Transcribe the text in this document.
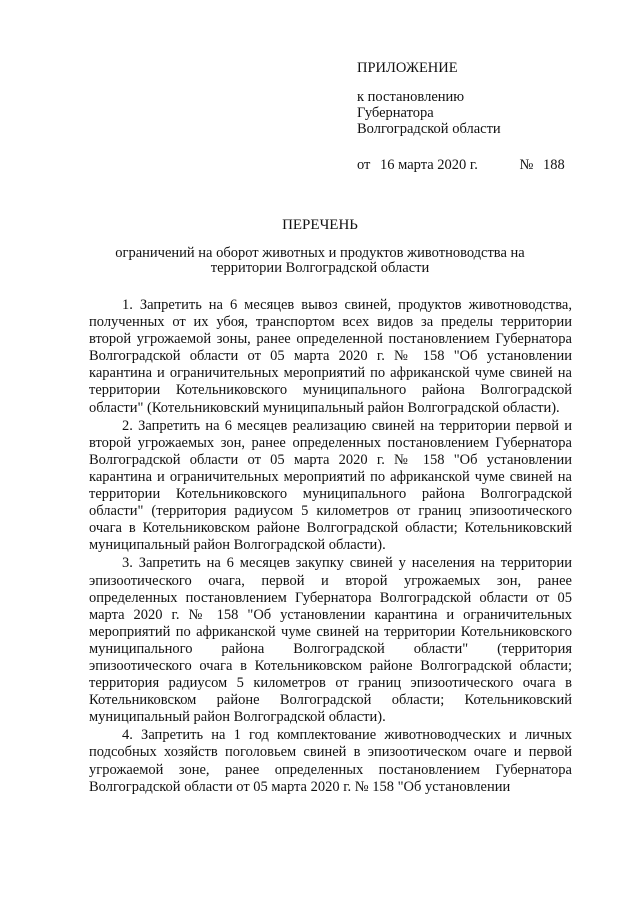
ПРИЛОЖЕНИЕ
к постановлению
Губернатора
Волгоградской области
от 16 марта 2020 г.	№ 188
ПЕРЕЧЕНЬ
ограничений на оборот животных и продуктов животноводства на территории Волгоградской области

1. Запретить на 6 месяцев вывоз свиней, продуктов животноводства, полученных от их убоя, транспортом всех видов за пределы территории второй угрожаемой зоны, ранее определенной постановлением Губернатора Волгоградской области от 05 марта 2020 г. № 158 "Об установлении карантина и ограничительных мероприятий по африканской чуме свиней на территории Котельниковского муниципального района Волгоградской области" (Котельниковский муниципальный район Волгоградской области).

2. Запретить на 6 месяцев реализацию свиней на территории первой и второй угрожаемых зон, ранее определенных постановлением Губернатора Волгоградской области от 05 марта 2020 г. № 158 "Об установлении карантина и ограничительных мероприятий по африканской чуме свиней на территории Котельниковского муниципального района Волгоградской области" (территория радиусом 5 километров от границ эпизоотического очага в Котельниковском районе Волгоградской области; Котельниковский муниципальный район Волгоградской области).

3. Запретить на 6 месяцев закупку свиней у населения на территории эпизоотического очага, первой и второй угрожаемых зон, ранее определенных постановлением Губернатора Волгоградской области от 05 марта 2020 г. № 158 "Об установлении карантина и ограничительных мероприятий по африканской чуме свиней на территории Котельниковского муниципального района Волгоградской области" (территория эпизоотического очага в Котельниковском районе Волгоградской области; территория радиусом 5 километров от границ эпизоотического очага в Котельниковском районе Волгоградской области; Котельниковский муниципальный район Волгоградской области).

4. Запретить на 1 год комплектование животноводческих и личных подсобных хозяйств поголовьем свиней в эпизоотическом очаге и первой угрожаемой зоне, ранее определенных постановлением Губернатора Волгоградской области от 05 марта 2020 г. № 158 "Об установлении
